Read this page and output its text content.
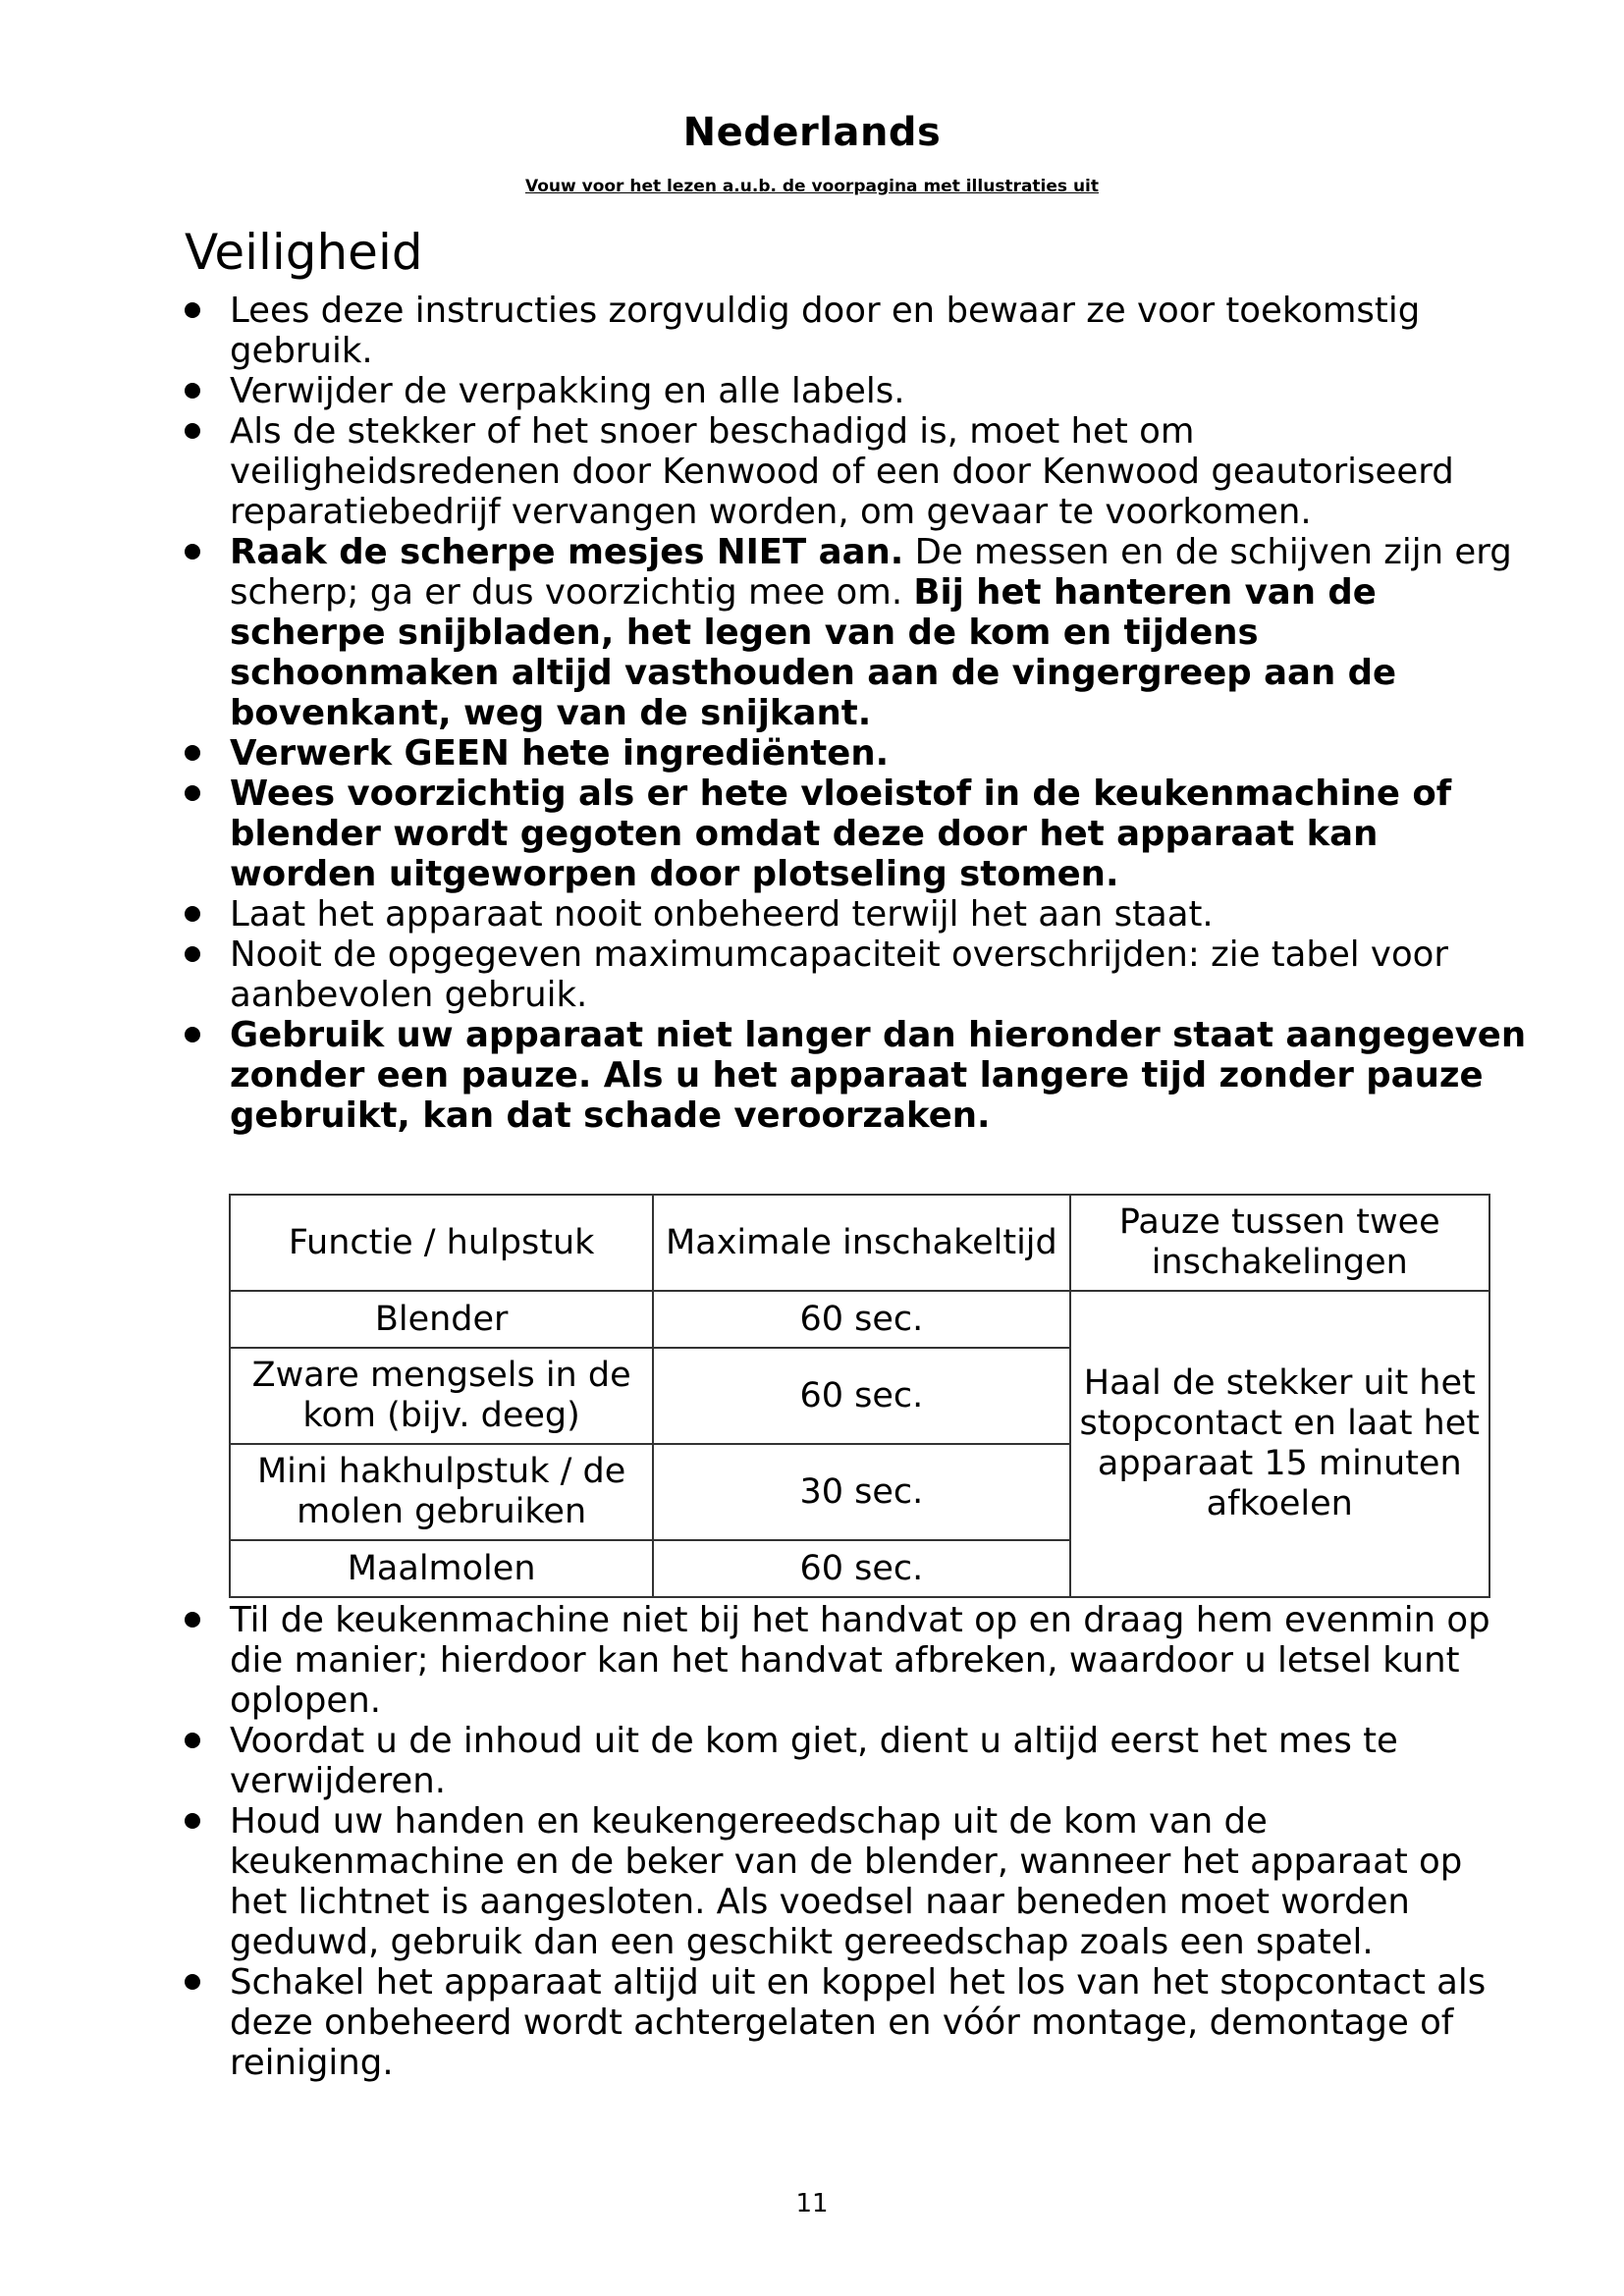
Nederlands
Vouw voor het lezen a.u.b. de voorpagina met illustraties uit
Veiligheid
Lees deze instructies zorgvuldig door en bewaar ze voor toekomstig gebruik.
Verwijder de verpakking en alle labels.
Als de stekker of het snoer beschadigd is, moet het om veiligheidsredenen door Kenwood of een door Kenwood geautoriseerd reparatiebedrijf vervangen worden, om gevaar te voorkomen.
Raak de scherpe mesjes NIET aan. De messen en de schijven zijn erg scherp; ga er dus voorzichtig mee om. Bij het hanteren van de scherpe snijbladen, het legen van de kom en tijdens schoonmaken altijd vasthouden aan de vingergreep aan de bovenkant, weg van de snijkant.
Verwerk GEEN hete ingrediënten.
Wees voorzichtig als er hete vloeistof in de keukenmachine of blender wordt gegoten omdat deze door het apparaat kan worden uitgeworpen door plotseling stomen.
Laat het apparaat nooit onbeheerd terwijl het aan staat.
Nooit de opgegeven maximumcapaciteit overschrijden: zie tabel voor aanbevolen gebruik.
Gebruik uw apparaat niet langer dan hieronder staat aangegeven zonder een pauze. Als u het apparaat langere tijd zonder pauze gebruikt, kan dat schade veroorzaken.
Functie / hulpstuk	Maximale inschakeltijd	Pauze tussen twee inschakelingen
Blender	60 sec.	Haal de stekker uit het stopcontact en laat het apparaat 15 minuten afkoelen
Zware mengsels in de kom (bijv. deeg)	60 sec.	
Mini hakhulpstuk / de molen gebruiken	30 sec.	
Maalmolen	60 sec.	
Til de keukenmachine niet bij het handvat op en draag hem evenmin op die manier; hierdoor kan het handvat afbreken, waardoor u letsel kunt oplopen.
Voordat u de inhoud uit de kom giet, dient u altijd eerst het mes te verwijderen.
Houd uw handen en keukengereedschap uit de kom van de keukenmachine en de beker van de blender, wanneer het apparaat op het lichtnet is aangesloten. Als voedsel naar beneden moet worden geduwd, gebruik dan een geschikt gereedschap zoals een spatel.
Schakel het apparaat altijd uit en koppel het los van het stopcontact als deze onbeheerd wordt achtergelaten en vóór montage, demontage of reiniging.
11
